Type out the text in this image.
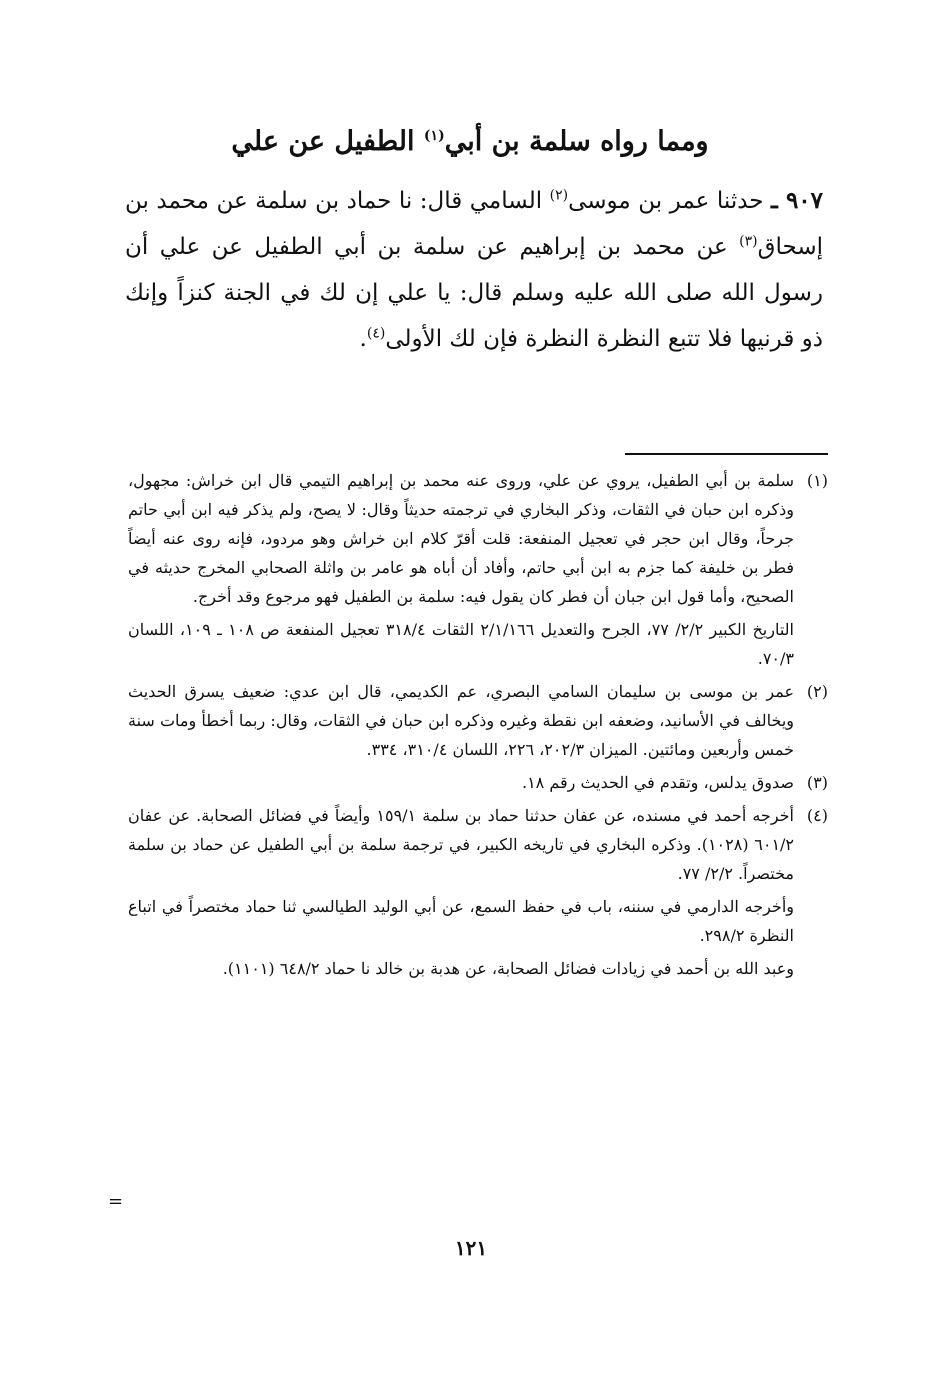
ومما رواه سلمة بن أبي$^{(١)}$ الطفيل عن علي

٩٠٧ ـ حدثنا عمر بن موسى$^{(٢)}$ السامي قال: نا حماد بن سلمة عن محمد بن إسحاق$^{(٣)}$ عن محمد بن إبراهيم عن سلمة بن أبي الطفيل عن علي أن رسول الله صلى الله عليه وسلم قال: يا علي إن لك في الجنة كنزاً وإنك ذو قرنيها فلا تتبع النظرة النظرة فإن لك الأولى$^{(٤)}$.

(١)

سلمة بن أبي الطفيل، يروي عن علي، وروى عنه محمد بن إبراهيم التيمي قال ابن خراش: مجهول، وذكره ابن حبان في الثقات، وذكر البخاري في ترجمته حديثاً وقال: لا يصح، ولم يذكر فيه ابن أبي حاتم جرحاً، وقال ابن حجر في تعجيل المنفعة: قلت أقرّ كلام ابن خراش وهو مردود، فإنه روى عنه أيضاً فطر بن خليفة كما جزم به ابن أبي حاتم، وأفاد أن أباه هو عامر بن واثلة الصحابي المخرج حديثه في الصحيح، وأما قول ابن جبان أن فطر كان يقول فيه: سلمة بن الطفيل فهو مرجوع وقد أخرج.

التاريخ الكبير ٢/٢/ ٧٧، الجرح والتعديل ٢/١/١٦٦ الثقات ٣١٨/٤ تعجيل المنفعة ص ١٠٨ ـ ١٠٩، اللسان ٧٠/٣.

(٢)

عمر بن موسى بن سليمان السامي البصري، عم الكديمي، قال ابن عدي: ضعيف يسرق الحديث ويخالف في الأسانيد، وضعفه ابن نقطة وغيره وذكره ابن حبان في الثقات، وقال: ربما أخطأ ومات سنة خمس وأربعين ومائتين. الميزان ٢٠٢/٣، ٢٢٦، اللسان ٣١٠/٤، ٣٣٤.

(٣)

صدوق يدلس، وتقدم في الحديث رقم ١٨.

(٤)

أخرجه أحمد في مسنده، عن عفان حدثنا حماد بن سلمة ١٥٩/١ وأيضاً في فضائل الصحابة. عن عفان ٦٠١/٢ (١٠٢٨). وذكره البخاري في تاريخه الكبير، في ترجمة سلمة بن أبي الطفيل عن حماد بن سلمة مختصراً. ٢/٢/ ٧٧.

وأخرجه الدارمي في سننه، باب في حفظ السمع، عن أبي الوليد الطيالسي ثنا حماد مختصراً في اتباع النظرة ٢٩٨/٢.

وعبد الله بن أحمد في زيادات فضائل الصحابة، عن هدبة بن خالد نا حماد ٦٤٨/٢ (١١٠١).

=
١٢١
